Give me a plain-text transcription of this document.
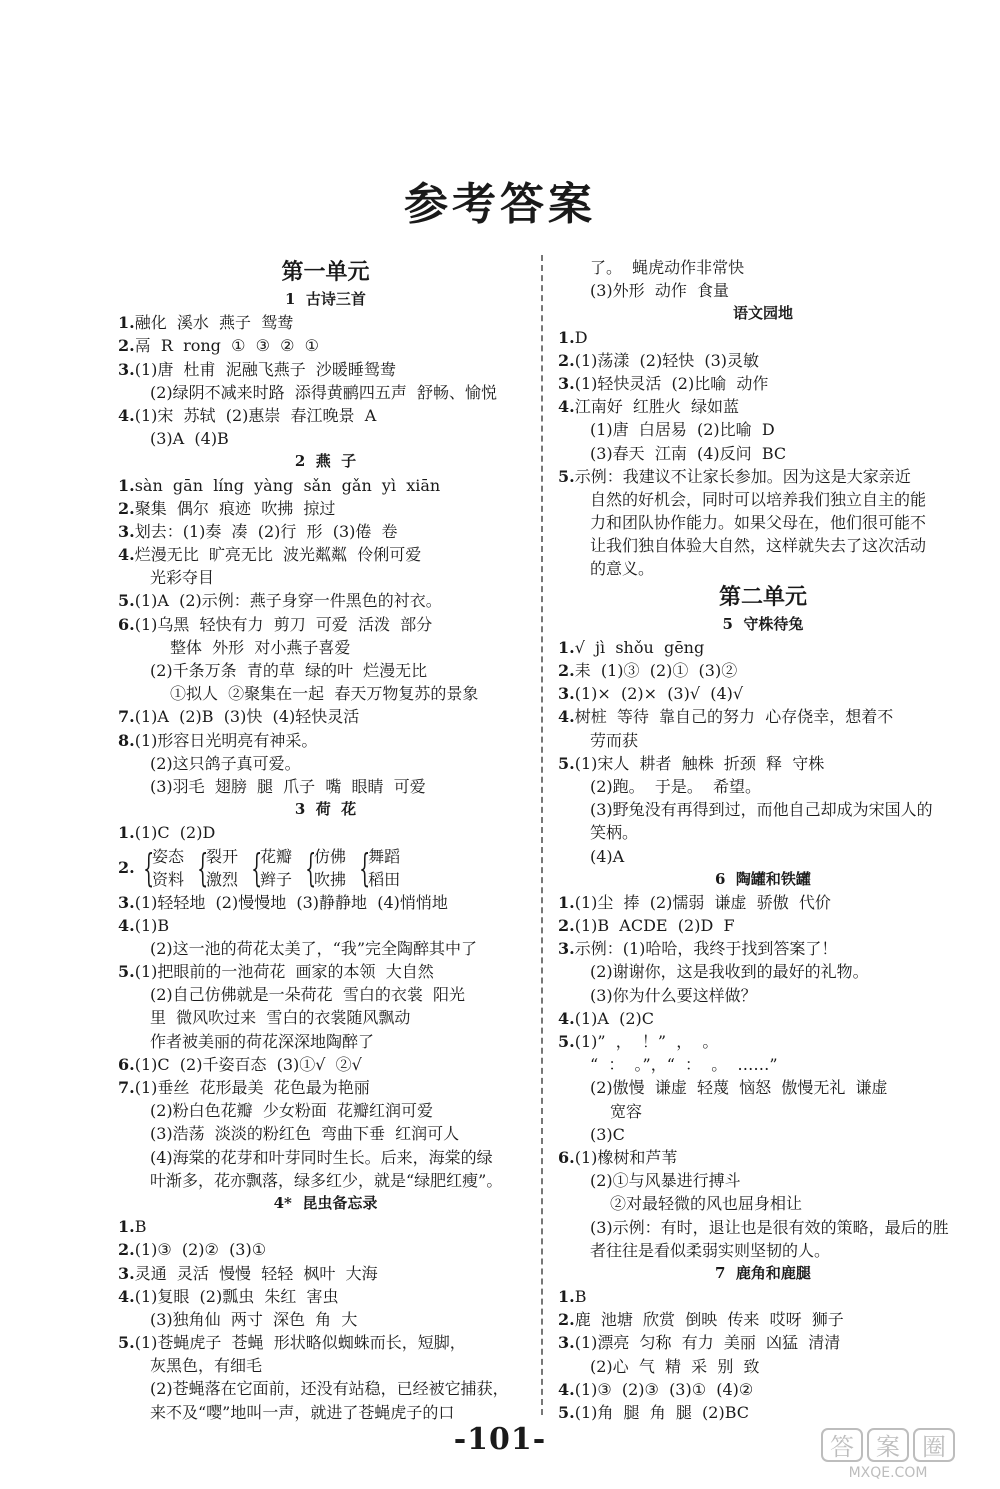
参考答案
第一单元
1  古诗三首
1.融化  溪水  燕子  鸳鸯
2.鬲  R  rong  ①  ③  ②  ①
3.(1)唐  杜甫  泥融飞燕子  沙暖睡鸳鸯
(2)绿阴不减来时路  添得黄鹂四五声  舒畅、愉悦
4.(1)宋  苏轼  (2)惠崇  春江晚景  A
(3)A  (4)B
2  燕  子
1.sàn  gān  líng  yàng  sǎn  gǎn  yì  xiān
2.聚集  偶尔  痕迹  吹拂  掠过
3.划去：(1)奏  凑  (2)行  形  (3)倦  卷
4.烂漫无比  旷亮无比  波光粼粼  伶俐可爱
光彩夺目
5.(1)A  (2)示例：燕子身穿一件黑色的衬衣。
6.(1)乌黑  轻快有力  剪刀  可爱  活泼  部分
整体  外形  对小燕子喜爱
(2)千条万条  青的草  绿的叶  烂漫无比
①拟人  ②聚集在一起  春天万物复苏的景象
7.(1)A  (2)B  (3)快  (4)轻快灵活
8.(1)形容日光明亮有神采。
(2)这只鸽子真可爱。
(3)羽毛  翅膀  腿  爪子  嘴  眼睛  可爱
3  荷  花
1.(1)C  (2)D
2. {
姿态
资料 {
裂开
激烈 {
花瓣
辫子 {
仿佛
吹拂 {
舞蹈
稻田
3.(1)轻轻地  (2)慢慢地  (3)静静地  (4)悄悄地
4.(1)B
(2)这一池的荷花太美了，“我”完全陶醉其中了
5.(1)把眼前的一池荷花  画家的本领  大自然
(2)自己仿佛就是一朵荷花  雪白的衣裳  阳光
里  微风吹过来  雪白的衣裳随风飘动
作者被美丽的荷花深深地陶醉了
6.(1)C  (2)千姿百态  (3)①√  ②√
7.(1)垂丝  花形最美  花色最为艳丽
(2)粉白色花瓣  少女粉面  花瓣红润可爱
(3)浩荡  淡淡的粉红色  弯曲下垂  红润可人
(4)海棠的花芽和叶芽同时生长。后来，海棠的绿
叶渐多，花亦飘落，绿多红少，就是“绿肥红瘦”。
4*  昆虫备忘录
1.B
2.(1)③  (2)②  (3)①
3.灵通  灵活  慢慢  轻轻  枫叶  大海
4.(1)复眼  (2)瓢虫  朱红  害虫
(3)独角仙  两寸  深色  角  大
5.(1)苍蝇虎子  苍蝇  形状略似蜘蛛而长，短脚，
灰黑色，有细毛
(2)苍蝇落在它面前，还没有站稳，已经被它捕获，
来不及“嘤”地叫一声，就进了苍蝇虎子的口
了。  蝇虎动作非常快
(3)外形  动作  食量
语文园地
1.D
2.(1)荡漾  (2)轻快  (3)灵敏
3.(1)轻快灵活  (2)比喻  动作
4.江南好  红胜火  绿如蓝
(1)唐  白居易  (2)比喻  D
(3)春天  江南  (4)反问  BC
5.示例：我建议不让家长参加。因为这是大家亲近
自然的好机会，同时可以培养我们独立自主的能
力和团队协作能力。如果父母在，他们很可能不
让我们独自体验大自然，这样就失去了这次活动
的意义。
第二单元
5  守株待兔
1.√  jì  shǒu  gēng
2.耒  (1)③  (2)①  (3)②
3.(1)×  (2)×  (3)√  (4)√
4.树桩  等待  靠自己的努力  心存侥幸，想着不
劳而获
5.(1)宋人  耕者  触株  折颈  释  守株
(2)跑。  于是。  希望。
(3)野兔没有再得到过，而他自己却成为宋国人的
笑柄。
(4)A
6  陶罐和铁罐
1.(1)尘  捧  (2)懦弱  谦虚  骄傲  代价
2.(1)B  ACDE  (2)D  F
3.示例：(1)哈哈，我终于找到答案了！
(2)谢谢你，这是我收到的最好的礼物。
(3)你为什么要这样做？
4.(1)A  (2)C
5.(1)”  ，  ！”  ，  。
“  ：  。”，“  ：  。  ……”
(2)傲慢  谦虚  轻蔑  恼怒  傲慢无礼  谦虚
宽容
(3)C
6.(1)橡树和芦苇
(2)①与风暴进行搏斗
②对最轻微的风也屈身相让
(3)示例：有时，退让也是很有效的策略，最后的胜
者往往是看似柔弱实则坚韧的人。
7  鹿角和鹿腿
1.B
2.鹿  池塘  欣赏  倒映  传来  哎呀  狮子
3.(1)漂亮  匀称  有力  美丽  凶猛  清清
(2)心  气  精  采  别  致
4.(1)③  (2)③  (3)①  (4)②
5.(1)角  腿  角  腿  (2)BC
-101-	答 案 圈
MXQE.COM
